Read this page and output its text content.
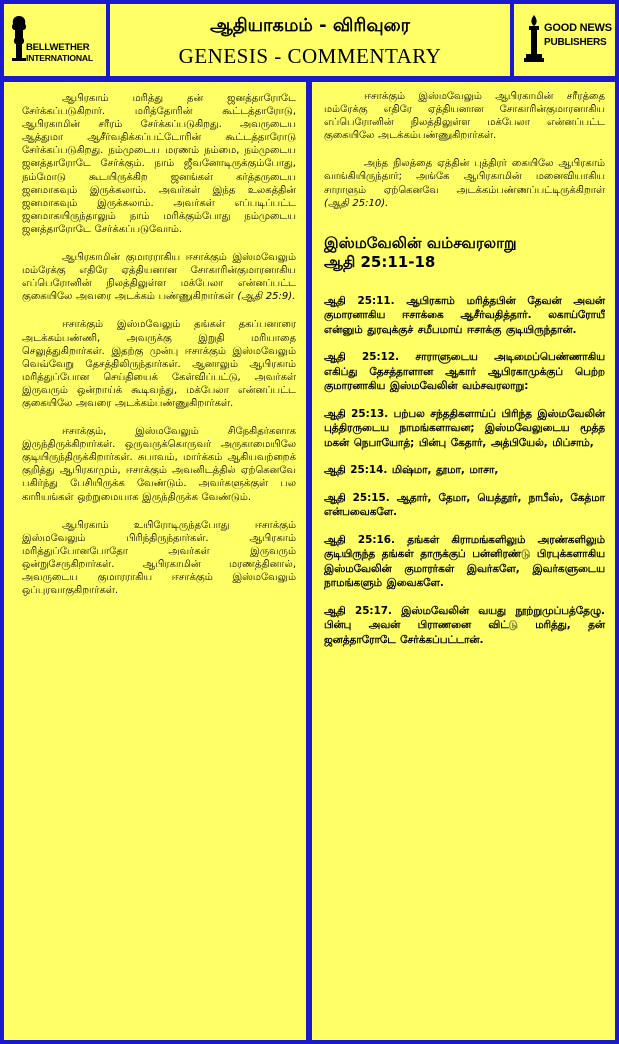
BELLWETHER
INTERNATIONAL
ஆதியாகமம் - விரிவுரை
GENESIS - COMMENTARY
GOOD NEWS
PUBLISHERS

ஆபிரகாம் மரித்து தன் ஜனத்தாரோடே சேர்க்கப்படுகிறார். மரித்தோரின் கூட்டத்தாரோடு, ஆபிரகாமின் சரீரம் சேர்க்கப்படுகிறது. அவருடைய ஆத்துமா ஆசீர்வதிக்கப்பட்டோரின் கூட்டத்தாரோடு சேர்க்கப்படுகிறது. நம்முடைய மரணம் நம்மை, நம்முடைய ஜனத்தாரோடே சேர்க்கும். நாம் ஜீவனோடிருக்கும்போது, நம்மோடு கூடயிருக்கிற ஜனங்கள் கர்த்தருடைய ஜனமாகவும் இருக்கலாம். அவர்கள் இந்த உலகத்தின் ஜனமாகவும் இருக்கலாம். அவர்கள் எப்படிப்பட்ட ஜனமாகயிருந்தாலும் நாம் மரிக்கும்போது நம்முடைய ஜனத்தாரோடே சேர்க்கப்படுவோம்.

ஆபிரகாமின் குமாரராகிய ஈசாக்கும் இஸ்மவேலும் மம்ரேக்கு எதிரே ஏத்தியனான சோகாரின்குமாரனாகிய எப்பெரோனின் நிலத்திலுள்ள மக்பேலா என்னப்பட்ட குகையிலே அவரை அடக்கம் பண்ணுகிறார்கள் (ஆதி 25:9).

ஈசாக்கும் இஸ்மவேலும் தங்கள் தகப்பனாரை அடக்கம்பண்ணி, அவருக்கு இறுதி மரியாதை செலுத்துகிறார்கள். இதற்கு முன்பு ஈசாக்கும் இஸ்மவேலும் வெவ்வேறு தேசத்திலிருந்தார்கள். ஆனாலும் ஆபிரகாம் மரித்துப்போன செய்தியைக் கேள்விப்பட்டு, அவர்கள் இருவரும் ஒன்றாய்க் கூடிவந்து, மக்பேலா என்னப்பட்ட குகையிலே அவரை அடக்கம்பண்ணுகிறார்கள்.

ஈசாக்கும், இஸ்மவேலும் சிநேகிதர்களாக இருந்திருக்கிறார்கள். ஒருவருக்கொருவர் அருகாமையிலே குடியிருந்திருக்கிறார்கள். சுபாவம், மார்க்கம் ஆகியவற்றைக் குறித்து ஆபிரகாமும், ஈசாக்கும் அவனிடத்தில் ஏற்கெனவே பகிர்ந்து பேசியிருக்க வேண்டும். அவர்களுக்குள் பல காரியங்கள் ஒற்றுமையாக இருந்திருக்க வேண்டும்.

ஆபிரகாம் உயிரோடிருந்தபோது ஈசாக்கும் இஸ்மவேலும் பிரிந்திருந்தார்கள். ஆபிரகாம் மரித்துப்போனபோதோ அவர்கள் இருவரும் ஒன்றுசேருகிறார்கள். ஆபிரகாமின் மரணத்தினால், அவருடைய குமாரராகிய ஈசாக்கும் இஸ்மவேலும் ஒப்புரவாகுகிறார்கள்.

ஈசாக்கும் இஸ்மவேலும் ஆபிரகாமின் சரீரத்தை மம்ரேக்கு எதிரே ஏத்தியனான சோகாரின்குமாரனாகிய எப்பெரோனின் நிலத்திலுள்ள மக்பேலா என்னப்பட்ட குகையிலே அடக்கம்பண்ணுகிறார்கள்.

அந்த நிலத்தை ஏத்தின் புத்திரர் கையிலே ஆபிரகாம் வாங்கியிருந்தார்; அங்கே ஆபிரகாமின் மனைவியாகிய சாராளும் ஏற்கெனவே அடக்கம்பண்ணப்பட்டிருக்கிறாள் (ஆதி 25:10).

இஸ்மவேலின் வம்சவரலாறு
ஆதி 25:11-18

ஆதி 25:11. ஆபிரகாம் மரித்தபின் தேவன் அவன் குமாரனாகிய ஈசாக்கை ஆசீர்வதித்தார். லகாய்ரோயீ என்னும் துரவுக்குச் சமீபமாய் ஈசாக்கு குடியிருந்தான்.

ஆதி 25:12. சாராளுடைய அடிமைப்பெண்ணாகிய எகிப்து தேசத்தாளான ஆகார் ஆபிரகாமுக்குப் பெற்ற குமாரனாகிய இஸ்மவேலின் வம்சவரலாறு:

ஆதி 25:13. பற்பல சந்ததிகளாய்ப் பிரிந்த இஸ்மவேலின் புத்திரருடைய நாமங்களாவன; இஸ்மவேலுடைய மூத்த மகன் நெபாயோத்; பின்பு கேதார், அத்பியேல், மிப்சாம்,

ஆதி 25:14. மிஷ்மா, தூமா, மாசா,

ஆதி 25:15. ஆதார், தேமா, யெத்தூர், நாபீஸ், கேத்மா என்பவைகளே.

ஆதி 25:16. தங்கள் கிராமங்களிலும் அரண்களிலும் குடியிருந்த தங்கள் தாருக்குப் பன்னிரண்டு பிரபுக்களாகிய இஸ்மவேலின் குமாரர்கள் இவர்களே, இவர்களுடைய நாமங்களும் இவைகளே.

ஆதி 25:17. இஸ்மவேலின் வயது நூற்றுமுப்பத்தேழு. பின்பு அவன் பிராணனை விட்டு மரித்து, தன் ஜனத்தாரோடே சேர்க்கப்பட்டான்.
